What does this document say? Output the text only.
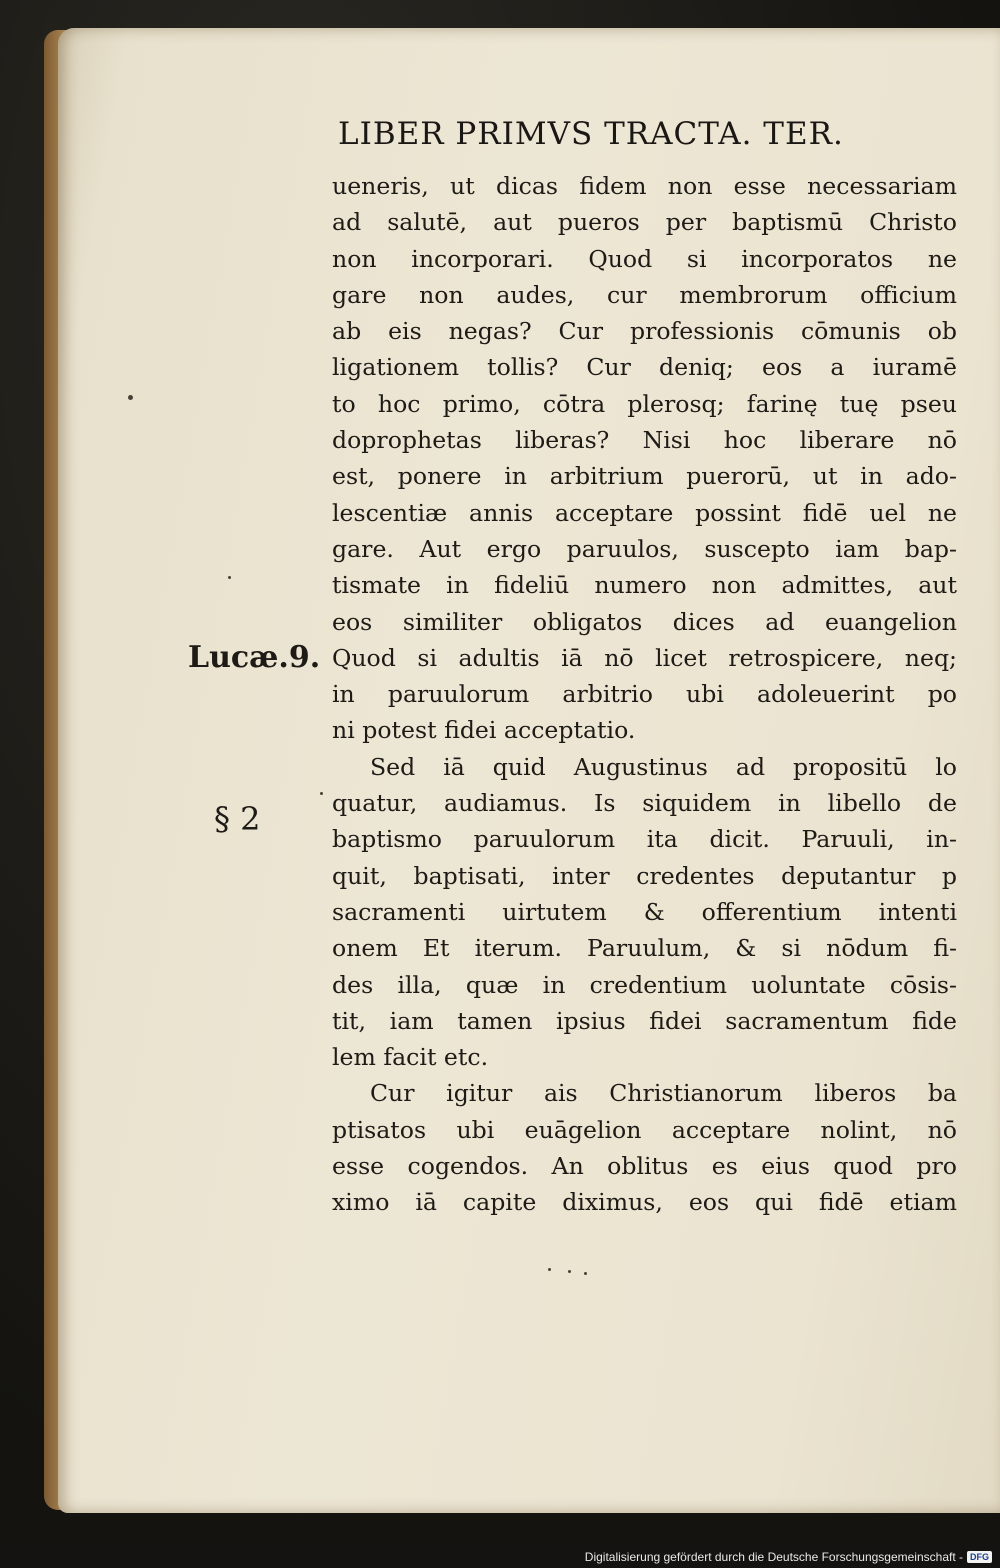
LIBER PRIMVS TRACTA. TER.
Lucæ.9.
§ 2
ueneris, ut dicas fidem non esse necessariam
ad salutē, aut pueros per baptismū Christo
non incorporari. Quod si incorporatos ne
gare non audes, cur membrorum officium
ab eis negas? Cur professionis cōmunis ob
ligationem tollis? Cur deniq; eos a iuramē
to hoc primo, cōtra plerosq; farinę tuę pseu
doprophetas liberas? Nisi hoc liberare nō
est, ponere in arbitrium puerorū, ut in ado-
lescentiæ annis acceptare possint fidē uel ne
gare. Aut ergo paruulos, suscepto iam bap-
tismate in fideliū numero non admittes, aut
eos similiter obligatos dices ad euangelion
Quod si adultis iā nō licet retrospicere, neq;
in paruulorum arbitrio ubi adoleuerint po
ni potest fidei acceptatio.
Sed iā quid Augustinus ad propositū lo
quatur, audiamus. Is siquidem in libello de
baptismo paruulorum ita dicit. Paruuli, in-
quit, baptisati, inter credentes deputantur p
sacramenti uirtutem & offerentium intenti
onem Et iterum. Paruulum, & si nōdum fi-
des illa, quæ in credentium uoluntate cōsis-
tit, iam tamen ipsius fidei sacramentum fide
lem facit etc.
Cur igitur ais Christianorum liberos ba
ptisatos ubi euāgelion acceptare nolint, nō
esse cogendos. An oblitus es eius quod pro
ximo iā capite diximus, eos qui fidē etiam
Digitalisierung gefördert durch die Deutsche Forschungsgemeinschaft - DFG
